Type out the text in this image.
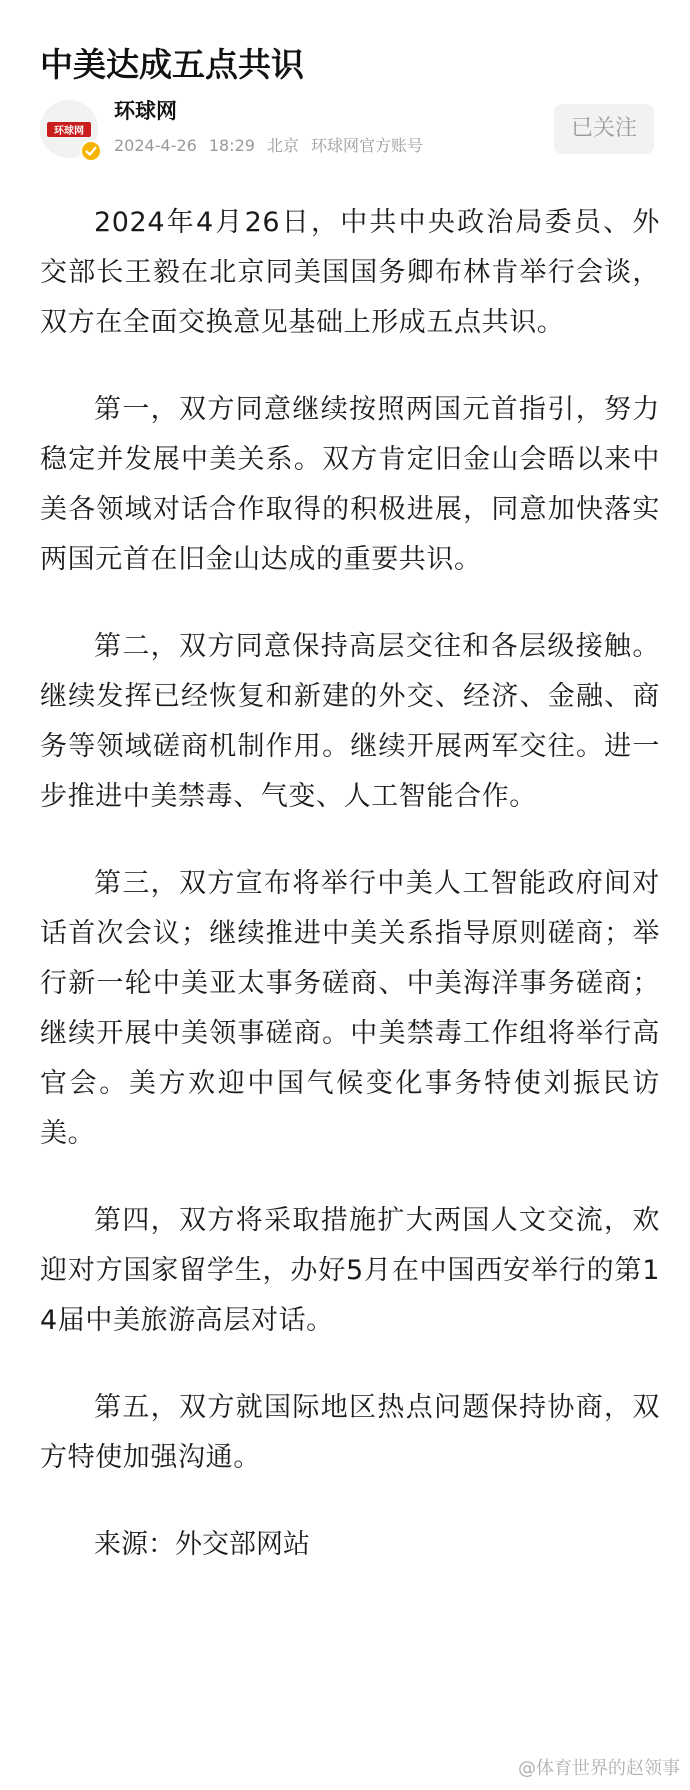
中美达成五点共识
环球网
环球网
2024-4-26 18:29 北京 环球网官方账号
已关注

2024年4月26日，中共中央政治局委员、外交部长王毅在北京同美国国务卿布林肯举行会谈，双方在全面交换意见基础上形成五点共识。

第一，双方同意继续按照两国元首指引，努力稳定并发展中美关系。双方肯定旧金山会晤以来中美各领域对话合作取得的积极进展，同意加快落实两国元首在旧金山达成的重要共识。

第二，双方同意保持高层交往和各层级接触。继续发挥已经恢复和新建的外交、经济、金融、商务等领域磋商机制作用。继续开展两军交往。进一步推进中美禁毒、气变、人工智能合作。

第三，双方宣布将举行中美人工智能政府间对话首次会议；继续推进中美关系指导原则磋商；举行新一轮中美亚太事务磋商、中美海洋事务磋商；继续开展中美领事磋商。中美禁毒工作组将举行高官会。美方欢迎中国气候变化事务特使刘振民访美。

第四，双方将采取措施扩大两国人文交流，欢迎对方国家留学生，办好5月在中国西安举行的第14届中美旅游高层对话。

第五，双方就国际地区热点问题保持协商，双方特使加强沟通。

来源：外交部网站

@体育世界的赵领事
